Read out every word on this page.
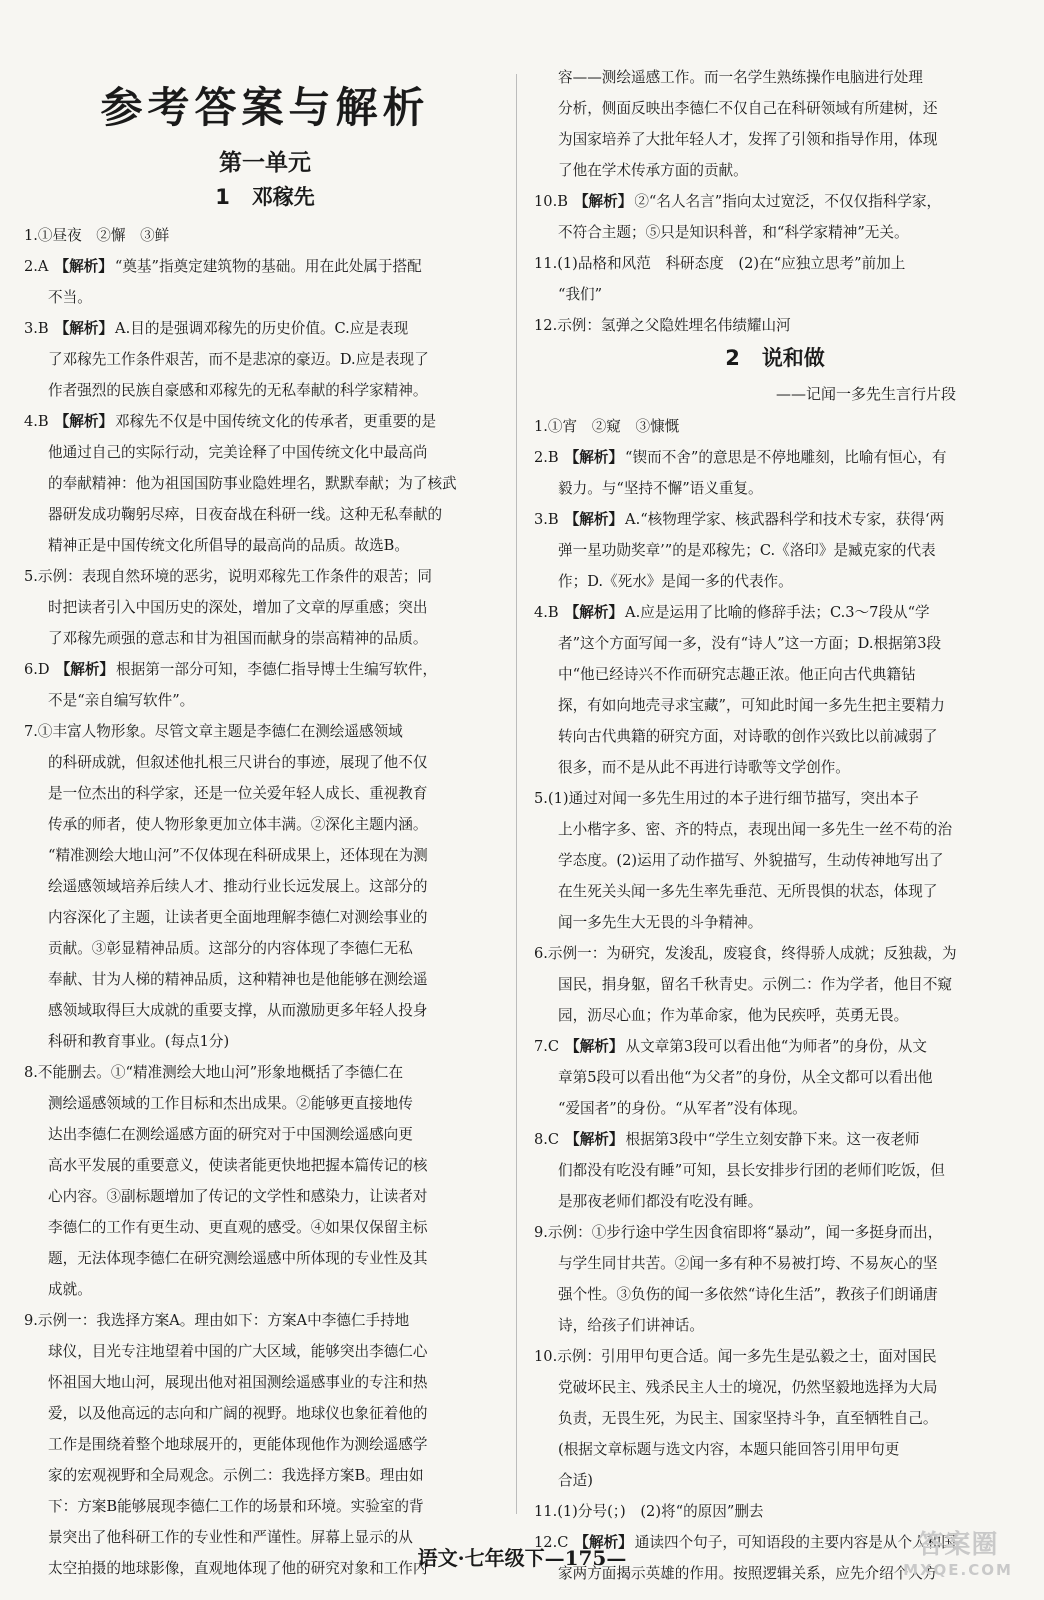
参考答案与解析
第一单元
1 邓稼先
1.①昼夜　②懈　③鲜
2.A 【解析】 “奠基”指奠定建筑物的基础。用在此处属于搭配
不当。
3.B 【解析】 A.目的是强调邓稼先的历史价值。C.应是表现
了邓稼先工作条件艰苦，而不是悲凉的豪迈。D.应是表现了
作者强烈的民族自豪感和邓稼先的无私奉献的科学家精神。
4.B 【解析】 邓稼先不仅是中国传统文化的传承者，更重要的是
他通过自己的实际行动，完美诠释了中国传统文化中最高尚
的奉献精神：他为祖国国防事业隐姓埋名，默默奉献；为了核武
器研发成功鞠躬尽瘁，日夜奋战在科研一线。这种无私奉献的
精神正是中国传统文化所倡导的最高尚的品质。故选B。
5.示例：表现自然环境的恶劣，说明邓稼先工作条件的艰苦；同
时把读者引入中国历史的深处，增加了文章的厚重感；突出
了邓稼先顽强的意志和甘为祖国而献身的崇高精神的品质。
6.D 【解析】 根据第一部分可知，李德仁指导博士生编写软件，
不是“亲自编写软件”。
7.①丰富人物形象。尽管文章主题是李德仁在测绘遥感领域
的科研成就，但叙述他扎根三尺讲台的事迹，展现了他不仅
是一位杰出的科学家，还是一位关爱年轻人成长、重视教育
传承的师者，使人物形象更加立体丰满。②深化主题内涵。
“精准测绘大地山河”不仅体现在科研成果上，还体现在为测
绘遥感领域培养后续人才、推动行业长远发展上。这部分的
内容深化了主题，让读者更全面地理解李德仁对测绘事业的
贡献。③彰显精神品质。这部分的内容体现了李德仁无私
奉献、甘为人梯的精神品质，这种精神也是他能够在测绘遥
感领域取得巨大成就的重要支撑，从而激励更多年轻人投身
科研和教育事业。(每点1分)
8.不能删去。①“精准测绘大地山河”形象地概括了李德仁在
测绘遥感领域的工作目标和杰出成果。②能够更直接地传
达出李德仁在测绘遥感方面的研究对于中国测绘遥感向更
高水平发展的重要意义，使读者能更快地把握本篇传记的核
心内容。③副标题增加了传记的文学性和感染力，让读者对
李德仁的工作有更生动、更直观的感受。④如果仅保留主标
题，无法体现李德仁在研究测绘遥感中所体现的专业性及其
成就。
9.示例一：我选择方案A。理由如下：方案A中李德仁手持地
球仪，目光专注地望着中国的广大区域，能够突出李德仁心
怀祖国大地山河，展现出他对祖国测绘遥感事业的专注和热
爱，以及他高远的志向和广阔的视野。地球仪也象征着他的
工作是围绕着整个地球展开的，更能体现他作为测绘遥感学
家的宏观视野和全局观念。示例二：我选择方案B。理由如
下：方案B能够展现李德仁工作的场景和环境。实验室的背
景突出了他科研工作的专业性和严谨性。屏幕上显示的从
太空拍摄的地球影像，直观地体现了他的研究对象和工作内
容——测绘遥感工作。而一名学生熟练操作电脑进行处理
分析，侧面反映出李德仁不仅自己在科研领域有所建树，还
为国家培养了大批年轻人才，发挥了引领和指导作用，体现
了他在学术传承方面的贡献。
10.B 【解析】 ②“名人名言”指向太过宽泛，不仅仅指科学家，
不符合主题；⑤只是知识科普，和“科学家精神”无关。
11.(1)品格和风范　科研态度　(2)在“应独立思考”前加上
“我们”
12.示例：氢弹之父隐姓埋名伟绩耀山河
2 说和做
——记闻一多先生言行片段
1.①宵　②窥　③慷慨
2.B 【解析】 “锲而不舍”的意思是不停地雕刻，比喻有恒心，有
毅力。与“坚持不懈”语义重复。
3.B 【解析】 A.“核物理学家、核武器科学和技术专家，获得‘两
弹一星功勋奖章’”的是邓稼先；C.《洛印》是臧克家的代表
作；D.《死水》是闻一多的代表作。
4.B 【解析】 A.应是运用了比喻的修辞手法；C.3～7段从“学
者”这个方面写闻一多，没有“诗人”这一方面；D.根据第3段
中“他已经诗兴不作而研究志趣正浓。他正向古代典籍钻
探，有如向地壳寻求宝藏”，可知此时闻一多先生把主要精力
转向古代典籍的研究方面，对诗歌的创作兴致比以前减弱了
很多，而不是从此不再进行诗歌等文学创作。
5.(1)通过对闻一多先生用过的本子进行细节描写，突出本子
上小楷字多、密、齐的特点，表现出闻一多先生一丝不苟的治
学态度。(2)运用了动作描写、外貌描写，生动传神地写出了
在生死关头闻一多先生率先垂范、无所畏惧的状态，体现了
闻一多先生大无畏的斗争精神。
6.示例一：为研究，发浚乱，废寝食，终得骄人成就；反独裁，为
国民，捐身躯，留名千秋青史。示例二：作为学者，他目不窥
园，沥尽心血；作为革命家，他为民疾呼，英勇无畏。
7.C 【解析】 从文章第3段可以看出他“为师者”的身份，从文
章第5段可以看出他“为父者”的身份，从全文都可以看出他
“爱国者”的身份。“从军者”没有体现。
8.C 【解析】 根据第3段中“学生立刻安静下来。这一夜老师
们都没有吃没有睡”可知，县长安排步行团的老师们吃饭，但
是那夜老师们都没有吃没有睡。
9.示例：①步行途中学生因食宿即将“暴动”，闻一多挺身而出，
与学生同甘共苦。②闻一多有种不易被打垮、不易灰心的坚
强个性。③负伤的闻一多依然“诗化生活”，教孩子们朗诵唐
诗，给孩子们讲神话。
10.示例：引用甲句更合适。闻一多先生是弘毅之士，面对国民
党破坏民主、残杀民主人士的境况，仍然坚毅地选择为大局
负责，无畏生死，为民主、国家坚持斗争，直至牺牲自己。
(根据文章标题与选文内容，本题只能回答引用甲句更
合适)
11.(1)分号(；)　(2)将“的原因”删去
12.C 【解析】 通读四个句子，可知语段的主要内容是从个人和国
家两方面揭示英雄的作用。按照逻辑关系，应先介绍个人方
语文·七年级下—175—	答案圈
MXQE.COM
